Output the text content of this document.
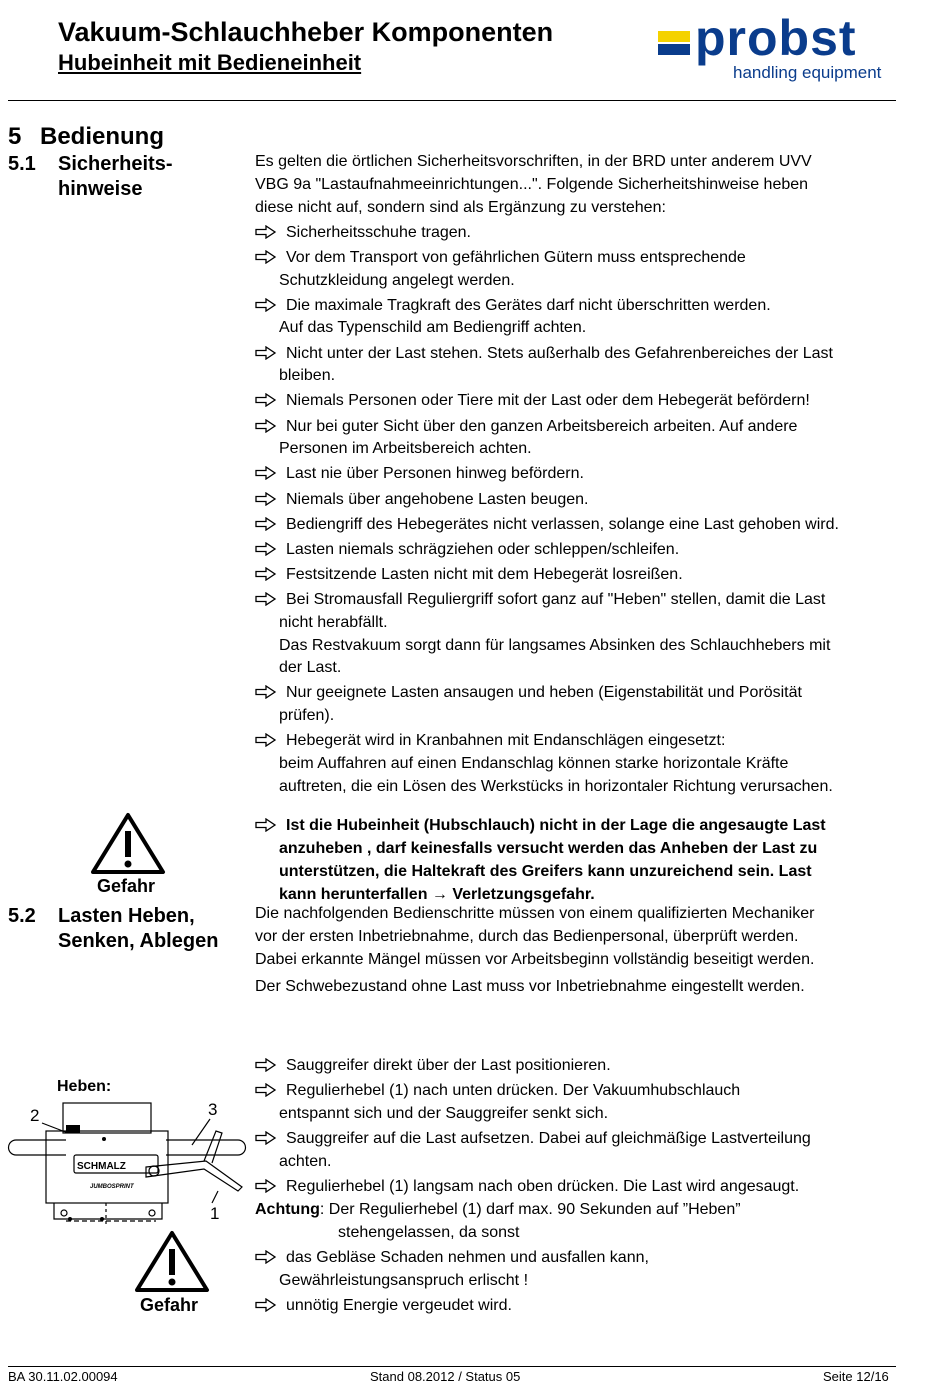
Vakuum-Schlauchheber Komponenten
Hubeinheit mit Bedieneinheit	probst
handling equipment
5 Bedienung
5.1 Sicherheits-
hinweise
Es gelten die örtlichen Sicherheitsvorschriften, in der BRD unter anderem UVV
VBG 9a "Lastaufnahmeeinrichtungen...". Folgende Sicherheitshinweise heben
diese nicht auf, sondern sind als Ergänzung zu verstehen:
Sicherheitsschuhe tragen.
Vor dem Transport von gefährlichen Gütern muss entsprechende
Schutzkleidung angelegt werden.
Die maximale Tragkraft des Gerätes darf nicht überschritten werden.
Auf das Typenschild am Bediengriff achten.
Nicht unter der Last stehen. Stets außerhalb des Gefahrenbereiches der Last
bleiben.
Niemals Personen oder Tiere mit der Last oder dem Hebegerät befördern!
Nur bei guter Sicht über den ganzen Arbeitsbereich arbeiten. Auf andere
Personen im Arbeitsbereich achten.
Last nie über Personen hinweg befördern.
Niemals über angehobene Lasten beugen.
Bediengriff des Hebegerätes nicht verlassen, solange eine Last gehoben wird.
Lasten niemals schrägziehen oder schleppen/schleifen.
Festsitzende Lasten nicht mit dem Hebegerät losreißen.
Bei Stromausfall Reguliergriff sofort ganz auf "Heben" stellen, damit die Last
nicht herabfällt.
Das Restvakuum sorgt dann für langsames Absinken des Schlauchhebers mit
der Last.
Nur geeignete Lasten ansaugen und heben (Eigenstabilität und Porösität
prüfen).
Hebegerät wird in Kranbahnen mit Endanschlägen eingesetzt:
beim Auffahren auf einen Endanschlag können starke horizontale Kräfte
auftreten, die ein Lösen des Werkstücks in horizontaler Richtung verursachen.
Ist die Hubeinheit (Hubschlauch) nicht in der Lage die angesaugte Last
anzuheben , darf keinesfalls versucht werden das Anheben der Last zu
unterstützen, die Haltekraft des Greifers kann unzureichend sein. Last
kann herunterfallen → Verletzungsgefahr.
Gefahr
5.2 Lasten Heben,
Senken, Ablegen
Die nachfolgenden Bedienschritte müssen von einem qualifizierten Mechaniker
vor der ersten Inbetriebnahme, durch das Bedienpersonal, überprüft werden.
Dabei erkannte Mängel müssen vor Arbeitsbeginn vollständig beseitigt werden.
Der Schwebezustand ohne Last muss vor Inbetriebnahme eingestellt werden.
Heben:
SCHMALZ
JUMBOSPRINT
2	3
1
Gefahr
Sauggreifer direkt über der Last positionieren.
Regulierhebel (1) nach unten drücken. Der Vakuumhubschlauch
entspannt sich und der Sauggreifer senkt sich.
Sauggreifer auf die Last aufsetzen. Dabei auf gleichmäßige Lastverteilung
achten.
Regulierhebel (1) langsam nach oben drücken. Die Last wird angesaugt.
Achtung: Der Regulierhebel (1) darf max. 90 Sekunden auf ”Heben”
stehengelassen, da sonst
das Gebläse Schaden nehmen und ausfallen kann,
Gewährleistungsanspruch erlischt !
unnötig Energie vergeudet wird.
BA 30.11.02.00094	Stand 08.2012 / Status 05	Seite 12/16
